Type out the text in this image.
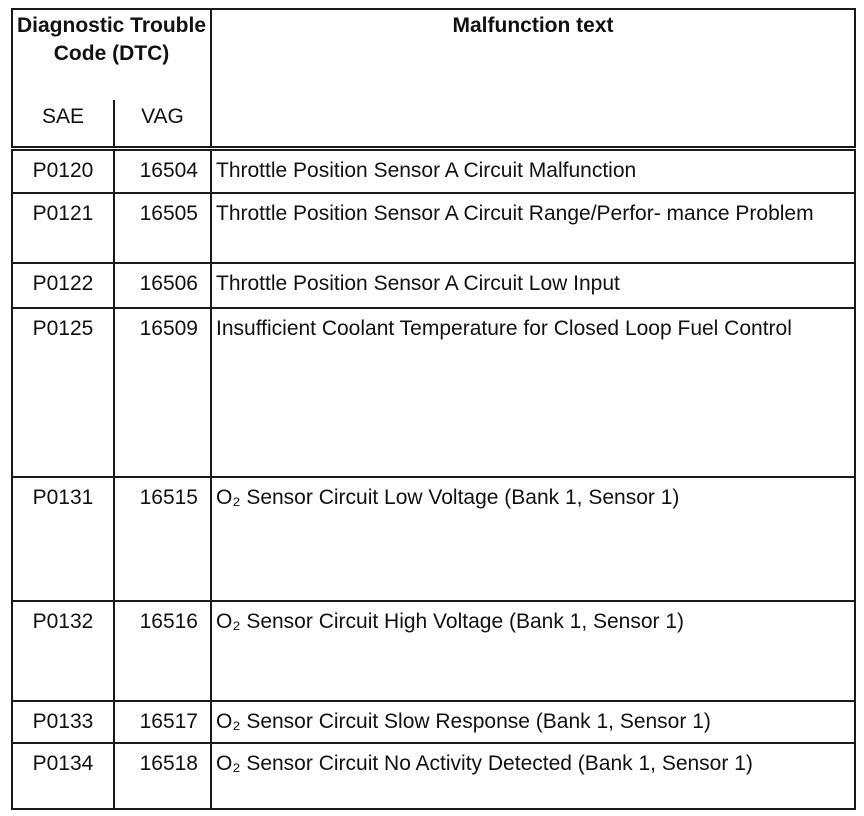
Diagnostic Trouble Code (DTC)		Malfunction text
SAE	VAG	
P0120	16504	Throttle Position Sensor A Circuit Malfunction
P0121	16505	Throttle Position Sensor A Circuit Range/Perfor- mance Problem
P0122	16506	Throttle Position Sensor A Circuit Low Input
P0125	16509	Insufficient Coolant Temperature for Closed Loop Fuel Control
P0131	16515	O₂ Sensor Circuit Low Voltage (Bank 1, Sensor 1)
P0132	16516	O₂ Sensor Circuit High Voltage (Bank 1, Sensor 1)
P0133	16517	O₂ Sensor Circuit Slow Response (Bank 1, Sensor 1)
P0134	16518	O₂ Sensor Circuit No Activity Detected (Bank 1, Sensor 1)
